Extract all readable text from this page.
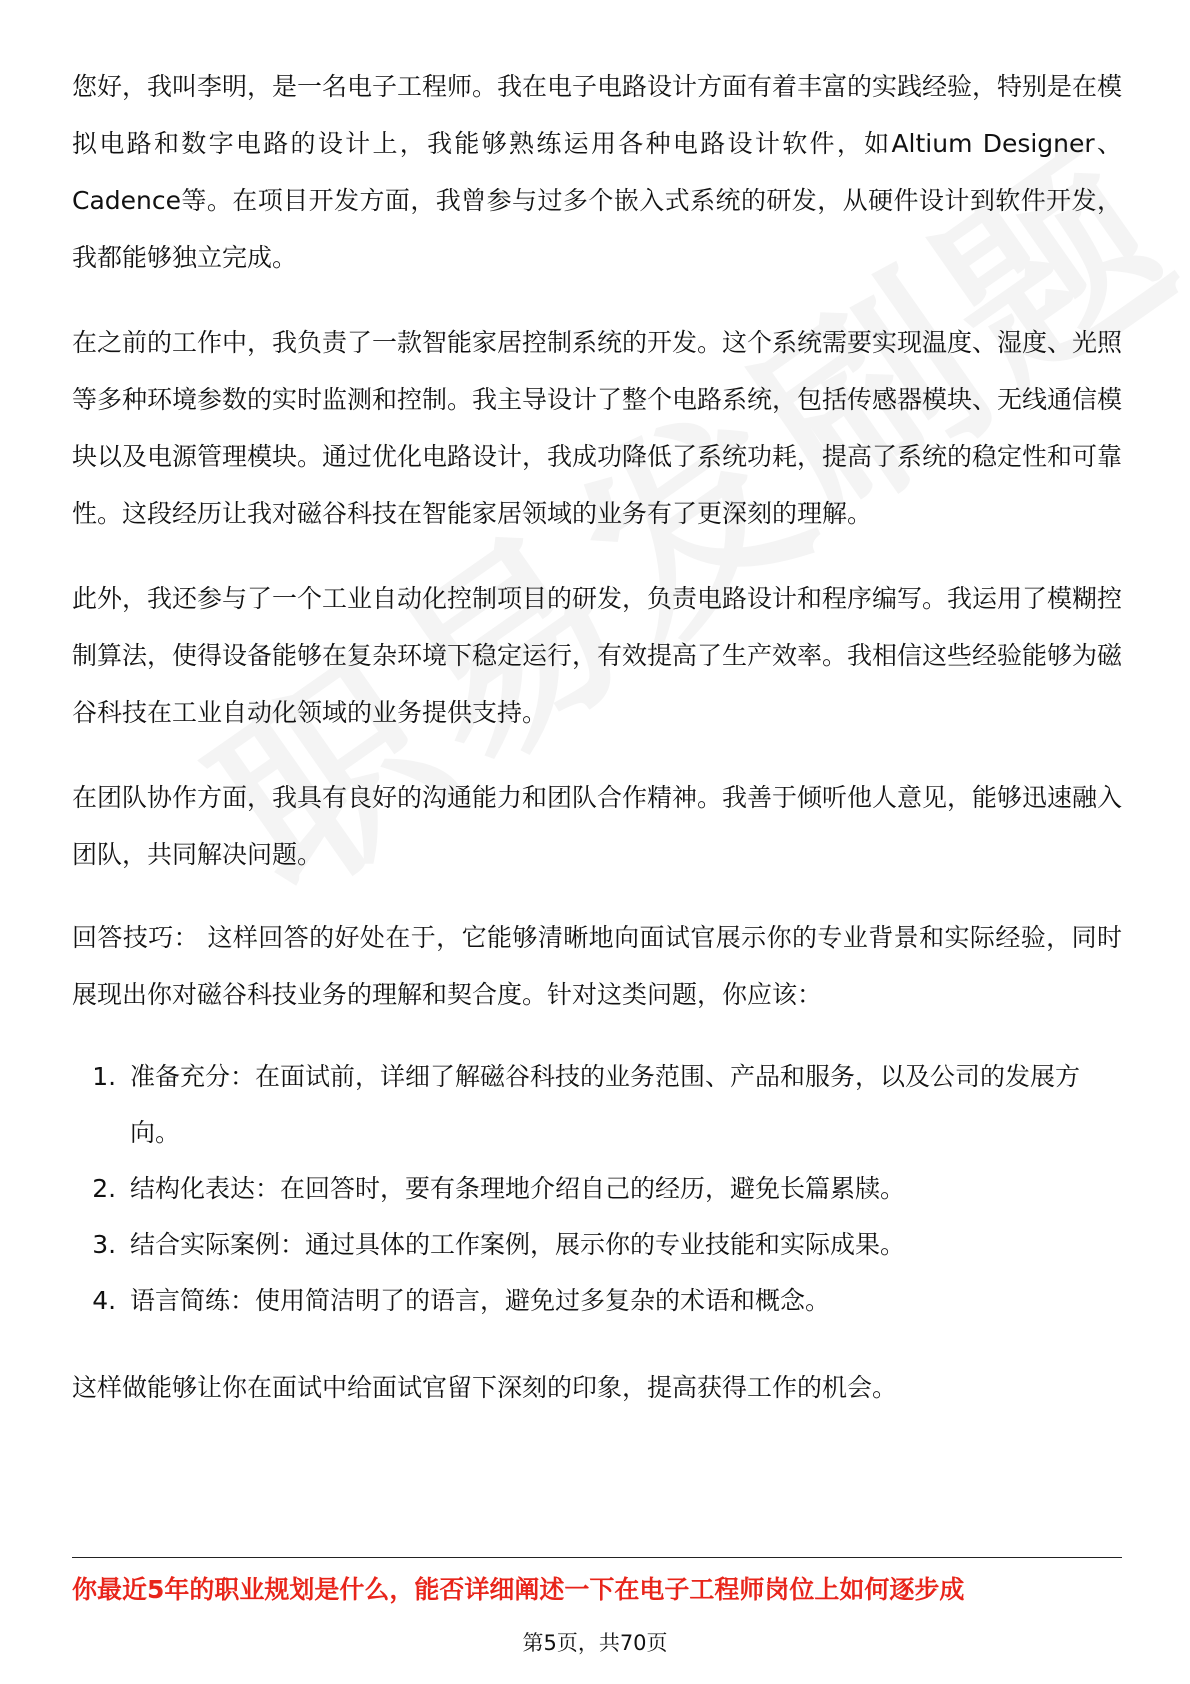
您好，我叫李明，是一名电子工程师。我在电子电路设计方面有着丰富的实践经验，特别是在模拟电路和数字电路的设计上，我能够熟练运用各种电路设计软件，如Altium Designer、Cadence等。在项目开发方面，我曾参与过多个嵌入式系统的研发，从硬件设计到软件开发，我都能够独立完成。

在之前的工作中，我负责了一款智能家居控制系统的开发。这个系统需要实现温度、湿度、光照等多种环境参数的实时监测和控制。我主导设计了整个电路系统，包括传感器模块、无线通信模块以及电源管理模块。通过优化电路设计，我成功降低了系统功耗，提高了系统的稳定性和可靠性。这段经历让我对磁谷科技在智能家居领域的业务有了更深刻的理解。

此外，我还参与了一个工业自动化控制项目的研发，负责电路设计和程序编写。我运用了模糊控制算法，使得设备能够在复杂环境下稳定运行，有效提高了生产效率。我相信这些经验能够为磁谷科技在工业自动化领域的业务提供支持。

在团队协作方面，我具有良好的沟通能力和团队合作精神。我善于倾听他人意见，能够迅速融入团队，共同解决问题。

回答技巧： 这样回答的好处在于，它能够清晰地向面试官展示你的专业背景和实际经验，同时展现出你对磁谷科技业务的理解和契合度。针对这类问题，你应该：

1. 准备充分：在面试前，详细了解磁谷科技的业务范围、产品和服务，以及公司的发展方向。
2. 结构化表达：在回答时，要有条理地介绍自己的经历，避免长篇累牍。
3. 结合实际案例：通过具体的工作案例，展示你的专业技能和实际成果。
4. 语言简练：使用简洁明了的语言，避免过多复杂的术语和概念。

这样做能够让你在面试中给面试官留下深刻的印象，提高获得工作的机会。

你最近5年的职业规划是什么，能否详细阐述一下在电子工程师岗位上如何逐步成
第5页，共70页
